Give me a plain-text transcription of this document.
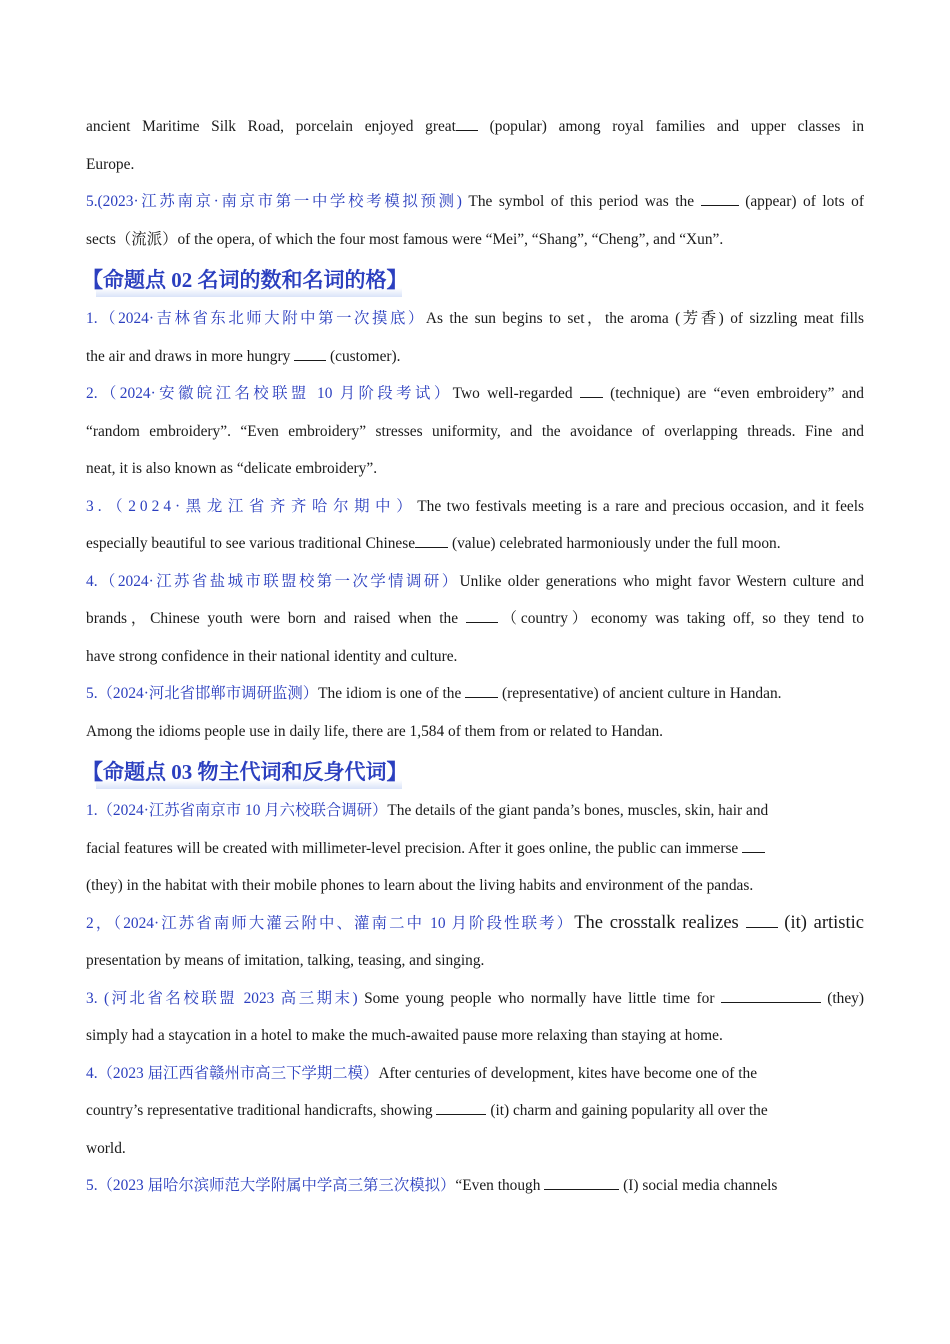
ancient Maritime Silk Road, porcelain enjoyed great (popular) among royal families and upper classes in

Europe.

5.(2023·江苏南京·南京市第一中学校考模拟预测) The symbol of this period was the  (appear) of lots of

sects（流派）of the opera, of which the four most famous were “Mei”, “Shang”, “Cheng”, and “Xun”.

【命题点 02 名词的数和名词的格】

1.（2024·吉林省东北师大附中第一次摸底）As the sun begins to set，the aroma (芳香) of sizzling meat fills

the air and draws in more hungry  (customer).

2.（2024·安徽皖江名校联盟 10 月阶段考试）Two well-regarded  (technique) are “even embroidery” and

“random embroidery”. “Even embroidery” stresses uniformity, and the avoidance of overlapping threads. Fine and

neat, it is also known as “delicate embroidery”.

3.（2024·黑龙江省齐齐哈尔期中）The two festivals meeting is a rare and precious occasion, and it feels

especially beautiful to see various traditional Chinese (value) celebrated harmoniously under the full moon.

4.（2024·江苏省盐城市联盟校第一次学情调研）Unlike older generations who might favor Western culture and

brands，Chinese youth were born and raised when the （country）economy was taking off, so they tend to

have strong confidence in their national identity and culture.

5.（2024·河北省邯郸市调研监测）The idiom is one of the  (representative) of ancient culture in Handan.

Among the idioms people use in daily life, there are 1,584 of them from or related to Handan.

【命题点 03 物主代词和反身代词】

1.（2024·江苏省南京市 10 月六校联合调研）The details of the giant panda’s bones, muscles, skin, hair and

facial features will be created with millimeter-level precision. After it goes online, the public can immerse

(they) in the habitat with their mobile phones to learn about the living habits and environment of the pandas.

2，（2024·江苏省南师大灌云附中、灌南二中 10 月阶段性联考）The crosstalk realizes  (it) artistic

presentation by means of imitation, talking, teasing, and singing.

3. (河北省名校联盟 2023 高三期末) Some young people who normally have little time for	(they)

simply had a staycation in a hotel to make the much-awaited pause more relaxing than staying at home.

4.（2023 届江西省赣州市高三下学期二模）After centuries of development, kites have become one of the

country’s representative traditional handicrafts, showing	(it) charm and gaining popularity all over the

world.

5.（2023 届哈尔滨师范大学附属中学高三第三次模拟）“Even though	(I) social media channels
